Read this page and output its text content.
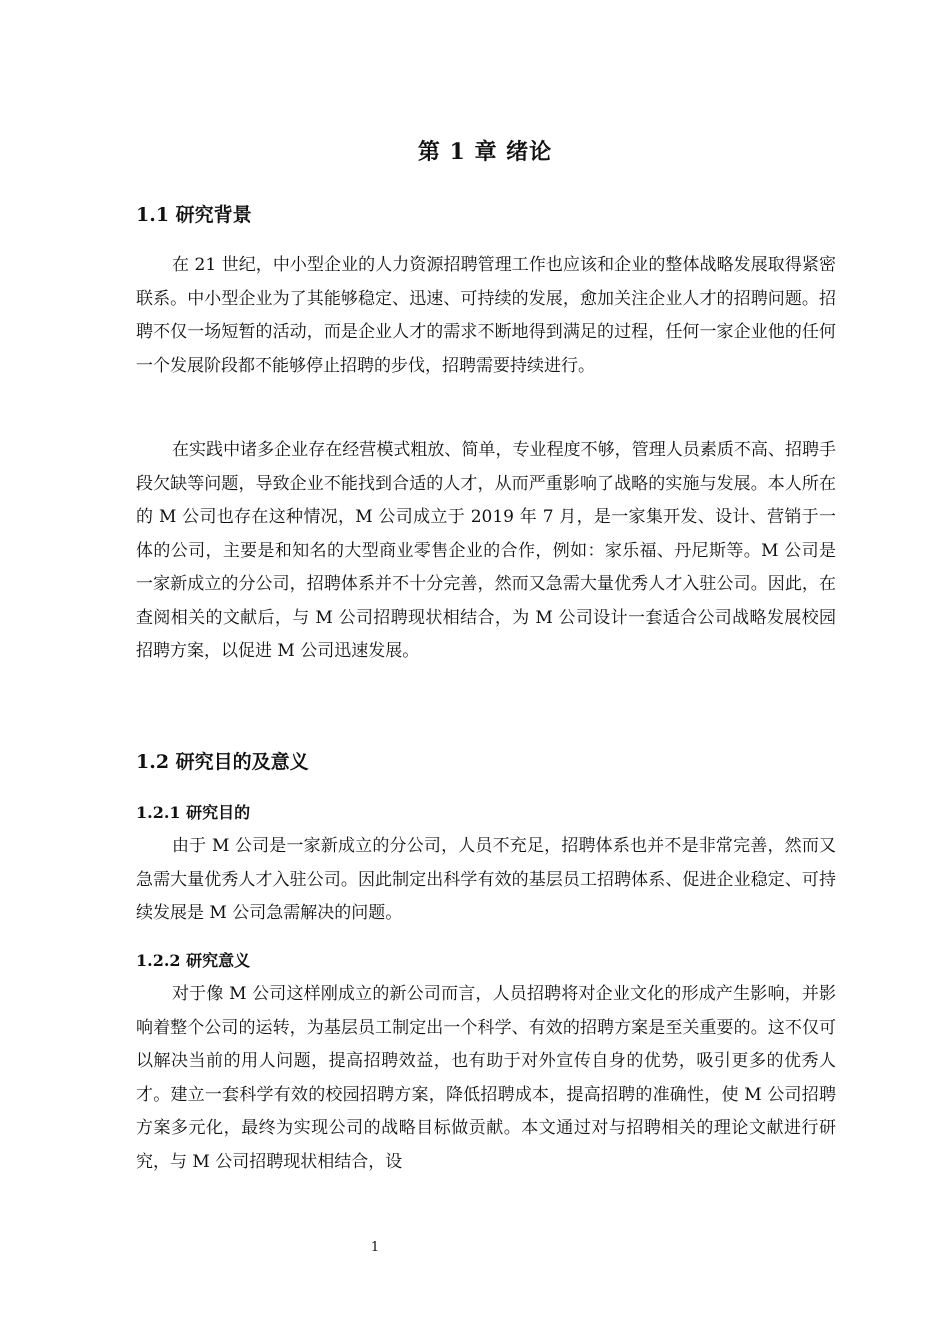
第 1 章 绪论
1.1 研究背景

在 21 世纪，中小型企业的人力资源招聘管理工作也应该和企业的整体战略发展取得紧密联系。中小型企业为了其能够稳定、迅速、可持续的发展，愈加关注企业人才的招聘问题。招聘不仅一场短暂的活动，而是企业人才的需求不断地得到满足的过程，任何一家企业他的任何一个发展阶段都不能够停止招聘的步伐，招聘需要持续进行。

在实践中诸多企业存在经营模式粗放、简单，专业程度不够，管理人员素质不高、招聘手段欠缺等问题，导致企业不能找到合适的人才，从而严重影响了战略的实施与发展。本人所在的 M 公司也存在这种情况，M 公司成立于 2019 年 7 月，是一家集开发、设计、营销于一体的公司，主要是和知名的大型商业零售企业的合作，例如：家乐福、丹尼斯等。M 公司是一家新成立的分公司，招聘体系并不十分完善，然而又急需大量优秀人才入驻公司。因此，在查阅相关的文献后，与 M 公司招聘现状相结合，为 M 公司设计一套适合公司战略发展校园招聘方案，以促进 M 公司迅速发展。

1.2 研究目的及意义
1.2.1 研究目的

由于 M 公司是一家新成立的分公司，人员不充足，招聘体系也并不是非常完善，然而又急需大量优秀人才入驻公司。因此制定出科学有效的基层员工招聘体系、促进企业稳定、可持续发展是 M 公司急需解决的问题。

1.2.2 研究意义

对于像 M 公司这样刚成立的新公司而言，人员招聘将对企业文化的形成产生影响，并影响着整个公司的运转，为基层员工制定出一个科学、有效的招聘方案是至关重要的。这不仅可以解决当前的用人问题，提高招聘效益，也有助于对外宣传自身的优势，吸引更多的优秀人才。建立一套科学有效的校园招聘方案，降低招聘成本，提高招聘的准确性，使 M 公司招聘方案多元化，最终为实现公司的战略目标做贡献。本文通过对与招聘相关的理论文献进行研究，与 M 公司招聘现状相结合，设

1
